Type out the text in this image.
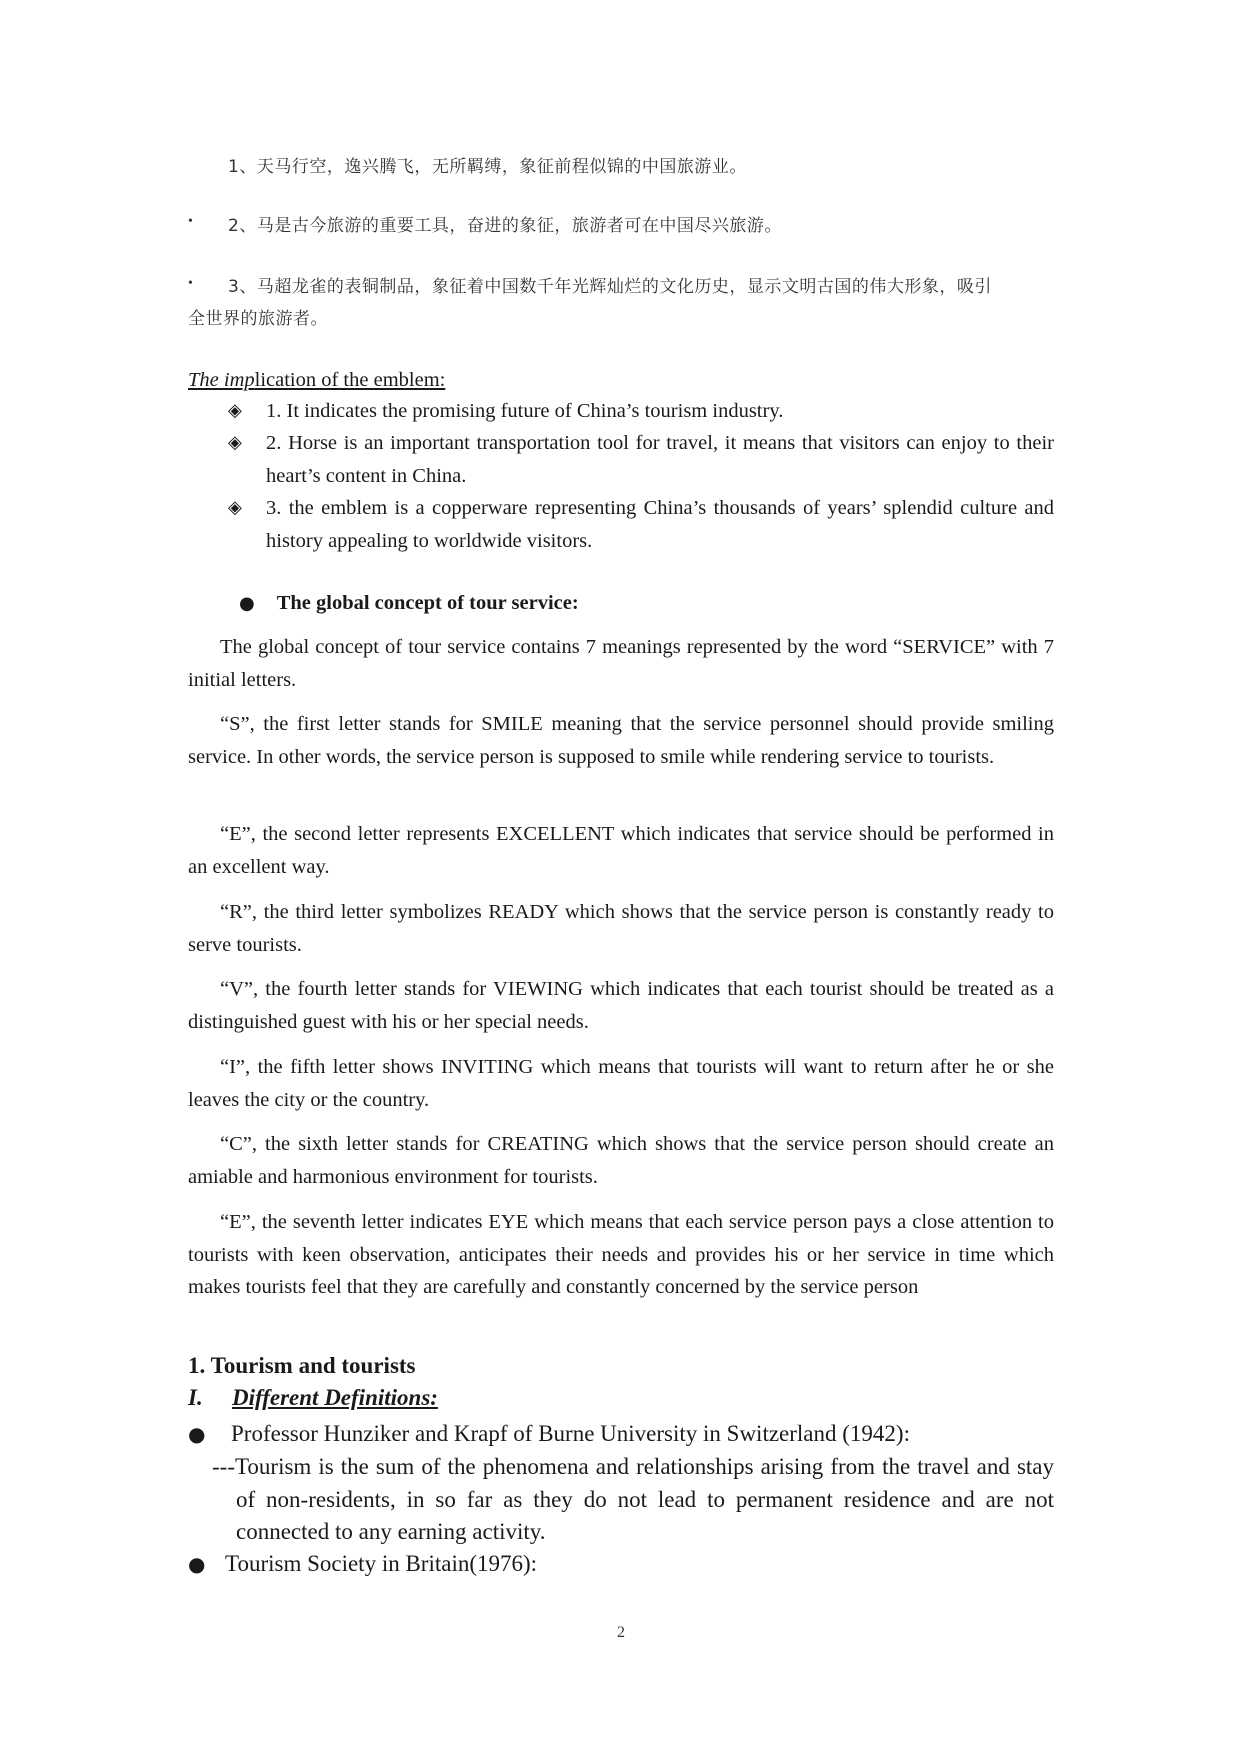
1、天马行空，逸兴腾飞，无所羁缚，象征前程似锦的中国旅游业。
• 2、马是古今旅游的重要工具，奋进的象征，旅游者可在中国尽兴旅游。
• 3、马超龙雀的表铜制品，象征着中国数千年光辉灿烂的文化历史，显示文明古国的伟大形象，吸引
全世界的旅游者。
The implication of the emblem:
◈ 1. It indicates the promising future of China’s tourism industry.
◈ 2. Horse is an important transportation tool for travel, it means that visitors can enjoy to their heart’s content in China.
◈ 3. the emblem is a copperware representing China’s thousands of years’ splendid culture and history appealing to worldwide visitors.
● The global concept of tour service:
The global concept of tour service contains 7 meanings represented by the word “SERVICE” with 7 initial letters.
“S”, the first letter stands for SMILE meaning that the service personnel should provide smiling service. In other words, the service person is supposed to smile while rendering service to tourists.
“E”, the second letter represents EXCELLENT which indicates that service should be performed in an excellent way.
“R”, the third letter symbolizes READY which shows that the service person is constantly ready to serve tourists.
“V”, the fourth letter stands for VIEWING which indicates that each tourist should be treated as a distinguished guest with his or her special needs.
“I”, the fifth letter shows INVITING which means that tourists will want to return after he or she leaves the city or the country.
“C”, the sixth letter stands for CREATING which shows that the service person should create an amiable and harmonious environment for tourists.
“E”, the seventh letter indicates EYE which means that each service person pays a close attention to tourists with keen observation, anticipates their needs and provides his or her service in time which makes tourists feel that they are carefully and constantly concerned by the service person
1. Tourism and tourists
I. Different Definitions:
● Professor Hunziker and Krapf of Burne University in Switzerland (1942):
---Tourism is the sum of the phenomena and relationships arising from the travel and stay of non-residents, in so far as they do not lead to permanent residence and are not connected to any earning activity.
● Tourism Society in Britain(1976):
2
